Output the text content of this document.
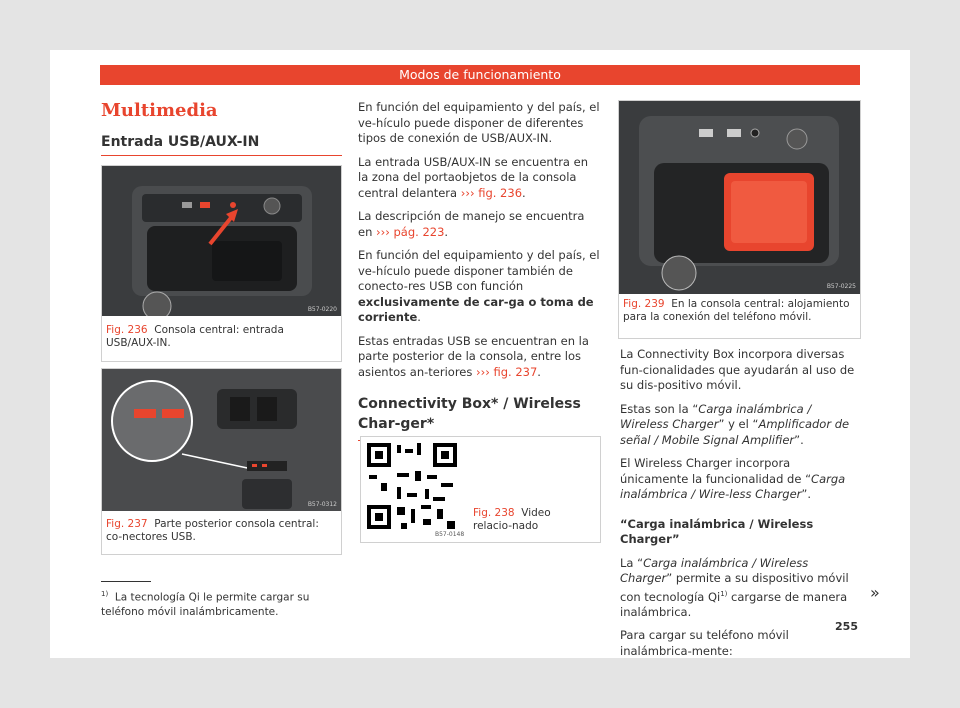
Modos de funcionamiento
Multimedia
Entrada USB/AUX-IN
B57-0220
Fig. 236 Consola central: entrada USB/AUX-IN.
B57-0312
Fig. 237 Parte posterior consola central: co-nectores USB.
$^{1)}$ La tecnología Qi le permite cargar su teléfono móvil inalámbricamente.

En función del equipamiento y del país, el ve-hículo puede disponer de diferentes tipos de conexión de USB/AUX-IN.

La entrada USB/AUX-IN se encuentra en la zona del portaobjetos de la consola central delantera ››› fig. 236.

La descripción de manejo se encuentra en ››› pág. 223.

En función del equipamiento y del país, el ve-hículo puede disponer también de conecto-res USB con función exclusivamente de car-ga o toma de corriente.

Estas entradas USB se encuentran en la parte posterior de la consola, entre los asientos an-teriores ››› fig. 237.

Connectivity Box* / Wireless Char-ger*
B57-0148
Fig. 238 Video relacio-nado
B57-0225
Fig. 239 En la consola central: alojamiento para la conexión del teléfono móvil.

La Connectivity Box incorpora diversas fun-cionalidades que ayudarán al uso de su dis-positivo móvil.

Estas son la “Carga inalámbrica / Wireless Charger” y el “Amplificador de señal / Mobile Signal Amplifier”.

El Wireless Charger incorpora únicamente la funcionalidad de “Carga inalámbrica / Wire-less Charger”.

“Carga inalámbrica / Wireless Charger”

La “Carga inalámbrica / Wireless Charger” permite a su dispositivo móvil con tecnología Qi$^{1)}$ cargarse de manera inalámbrica.

Para cargar su teléfono móvil inalámbrica-mente:

»
255
